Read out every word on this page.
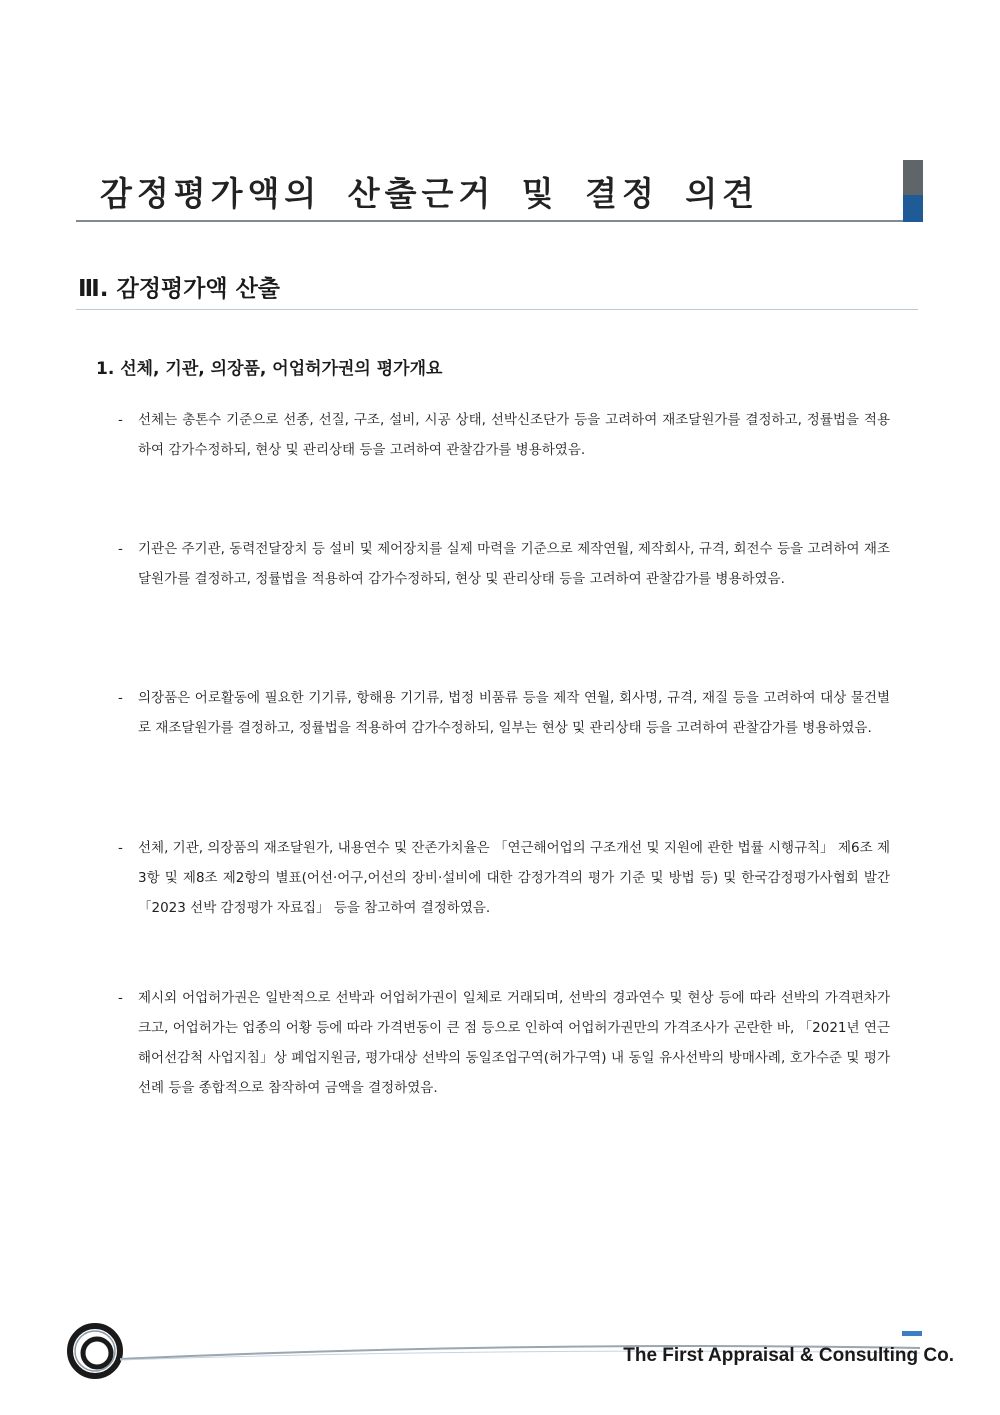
감정평가액의 산출근거 및 결정 의견
Ⅲ. 감정평가액 산출
1. 선체, 기관, 의장품, 어업허가권의 평가개요
- 선체는 총톤수 기준으로 선종, 선질, 구조, 설비, 시공 상태, 선박신조단가 등을 고려하여 재조달원가를 결정하고, 정률법을 적용하여 감가수정하되, 현상 및 관리상태 등을 고려하여 관찰감가를 병용하였음.
- 기관은 주기관, 동력전달장치 등 설비 및 제어장치를 실제 마력을 기준으로 제작연월, 제작회사, 규격, 회전수 등을 고려하여 재조달원가를 결정하고, 정률법을 적용하여 감가수정하되, 현상 및 관리상태 등을 고려하여 관찰감가를 병용하였음.
- 의장품은 어로활동에 필요한 기기류, 항해용 기기류, 법정 비품류 등을 제작 연월, 회사명, 규격, 재질 등을 고려하여 대상 물건별로 재조달원가를 결정하고, 정률법을 적용하여 감가수정하되, 일부는 현상 및 관리상태 등을 고려하여 관찰감가를 병용하였음.
- 선체, 기관, 의장품의 재조달원가, 내용연수 및 잔존가치율은 「연근해어업의 구조개선 및 지원에 관한 법률 시행규칙」 제6조 제3항 및 제8조 제2항의 별표(어선·어구,어선의 장비·설비에 대한 감정가격의 평가 기준 및 방법 등) 및 한국감정평가사협회 발간 「2023 선박 감정평가 자료집」 등을 참고하여 결정하였음.
- 제시외 어업허가권은 일반적으로 선박과 어업허가권이 일체로 거래되며, 선박의 경과연수 및 현상 등에 따라 선박의 가격편차가 크고, 어업허가는 업종의 어황 등에 따라 가격변동이 큰 점 등으로 인하여 어업허가권만의 가격조사가 곤란한 바, 「2021년 연근해어선감척 사업지침」상 폐업지원금, 평가대상 선박의 동일조업구역(허가구역) 내 동일 유사선박의 방매사례, 호가수준 및 평가선례 등을 종합적으로 참작하여 금액을 결정하였음.

The First Appraisal & Consulting Co.
